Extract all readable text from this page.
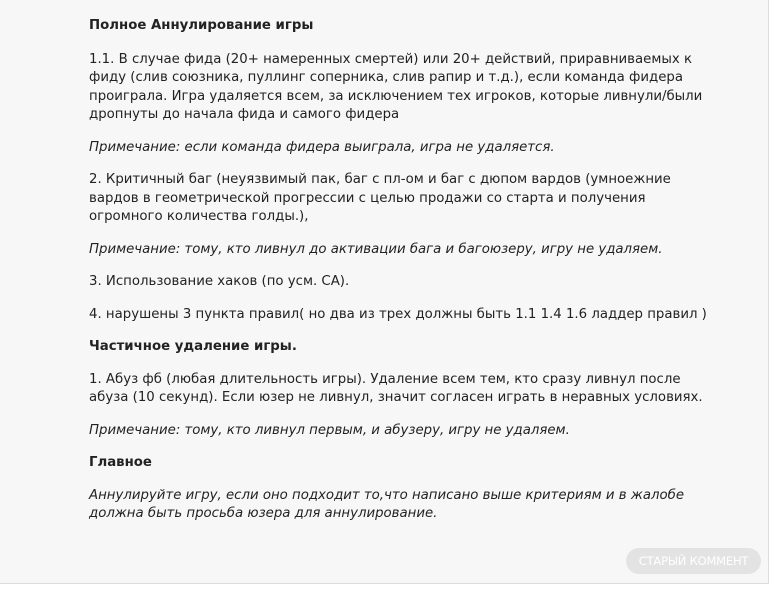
Полное Аннулирование игры

1.1. В случае фида (20+ намеренных смертей) или 20+ действий, приравниваемых к фиду (слив союзника, пуллинг соперника, слив рапир и т.д.), если команда фидера проиграла. Игра удаляется всем, за исключением тех игроков, которые ливнули/были дропнуты до начала фида и самого фидера

Примечание: если команда фидера выиграла, игра не удаляется.

2. Критичный баг (неуязвимый пак, баг с пл-ом и баг с дюпом вардов (умноежние вардов в геометрической прогрессии с целью продажи со старта и получения огромного количества голды.),

Примечание: тому, кто ливнул до активации бага и багоюзеру, игру не удаляем.

3. Использование хаков (по усм. СА).

4. нарушены 3 пункта правил( но два из трех должны быть 1.1 1.4 1.6 ладдер правил )

Частичное удаление игры.

1. Абуз фб (любая длительность игры). Удаление всем тем, кто сразу ливнул после абуза (10 секунд). Если юзер не ливнул, значит согласен играть в неравных условиях.

Примечание: тому, кто ливнул первым, и абузеру, игру не удаляем.

Главное

Аннулируйте игру, если оно подходит то,что написано выше критериям и в жалобе должна быть просьба юзера для аннулирование.

СТАРЫЙ КОММЕНТ
